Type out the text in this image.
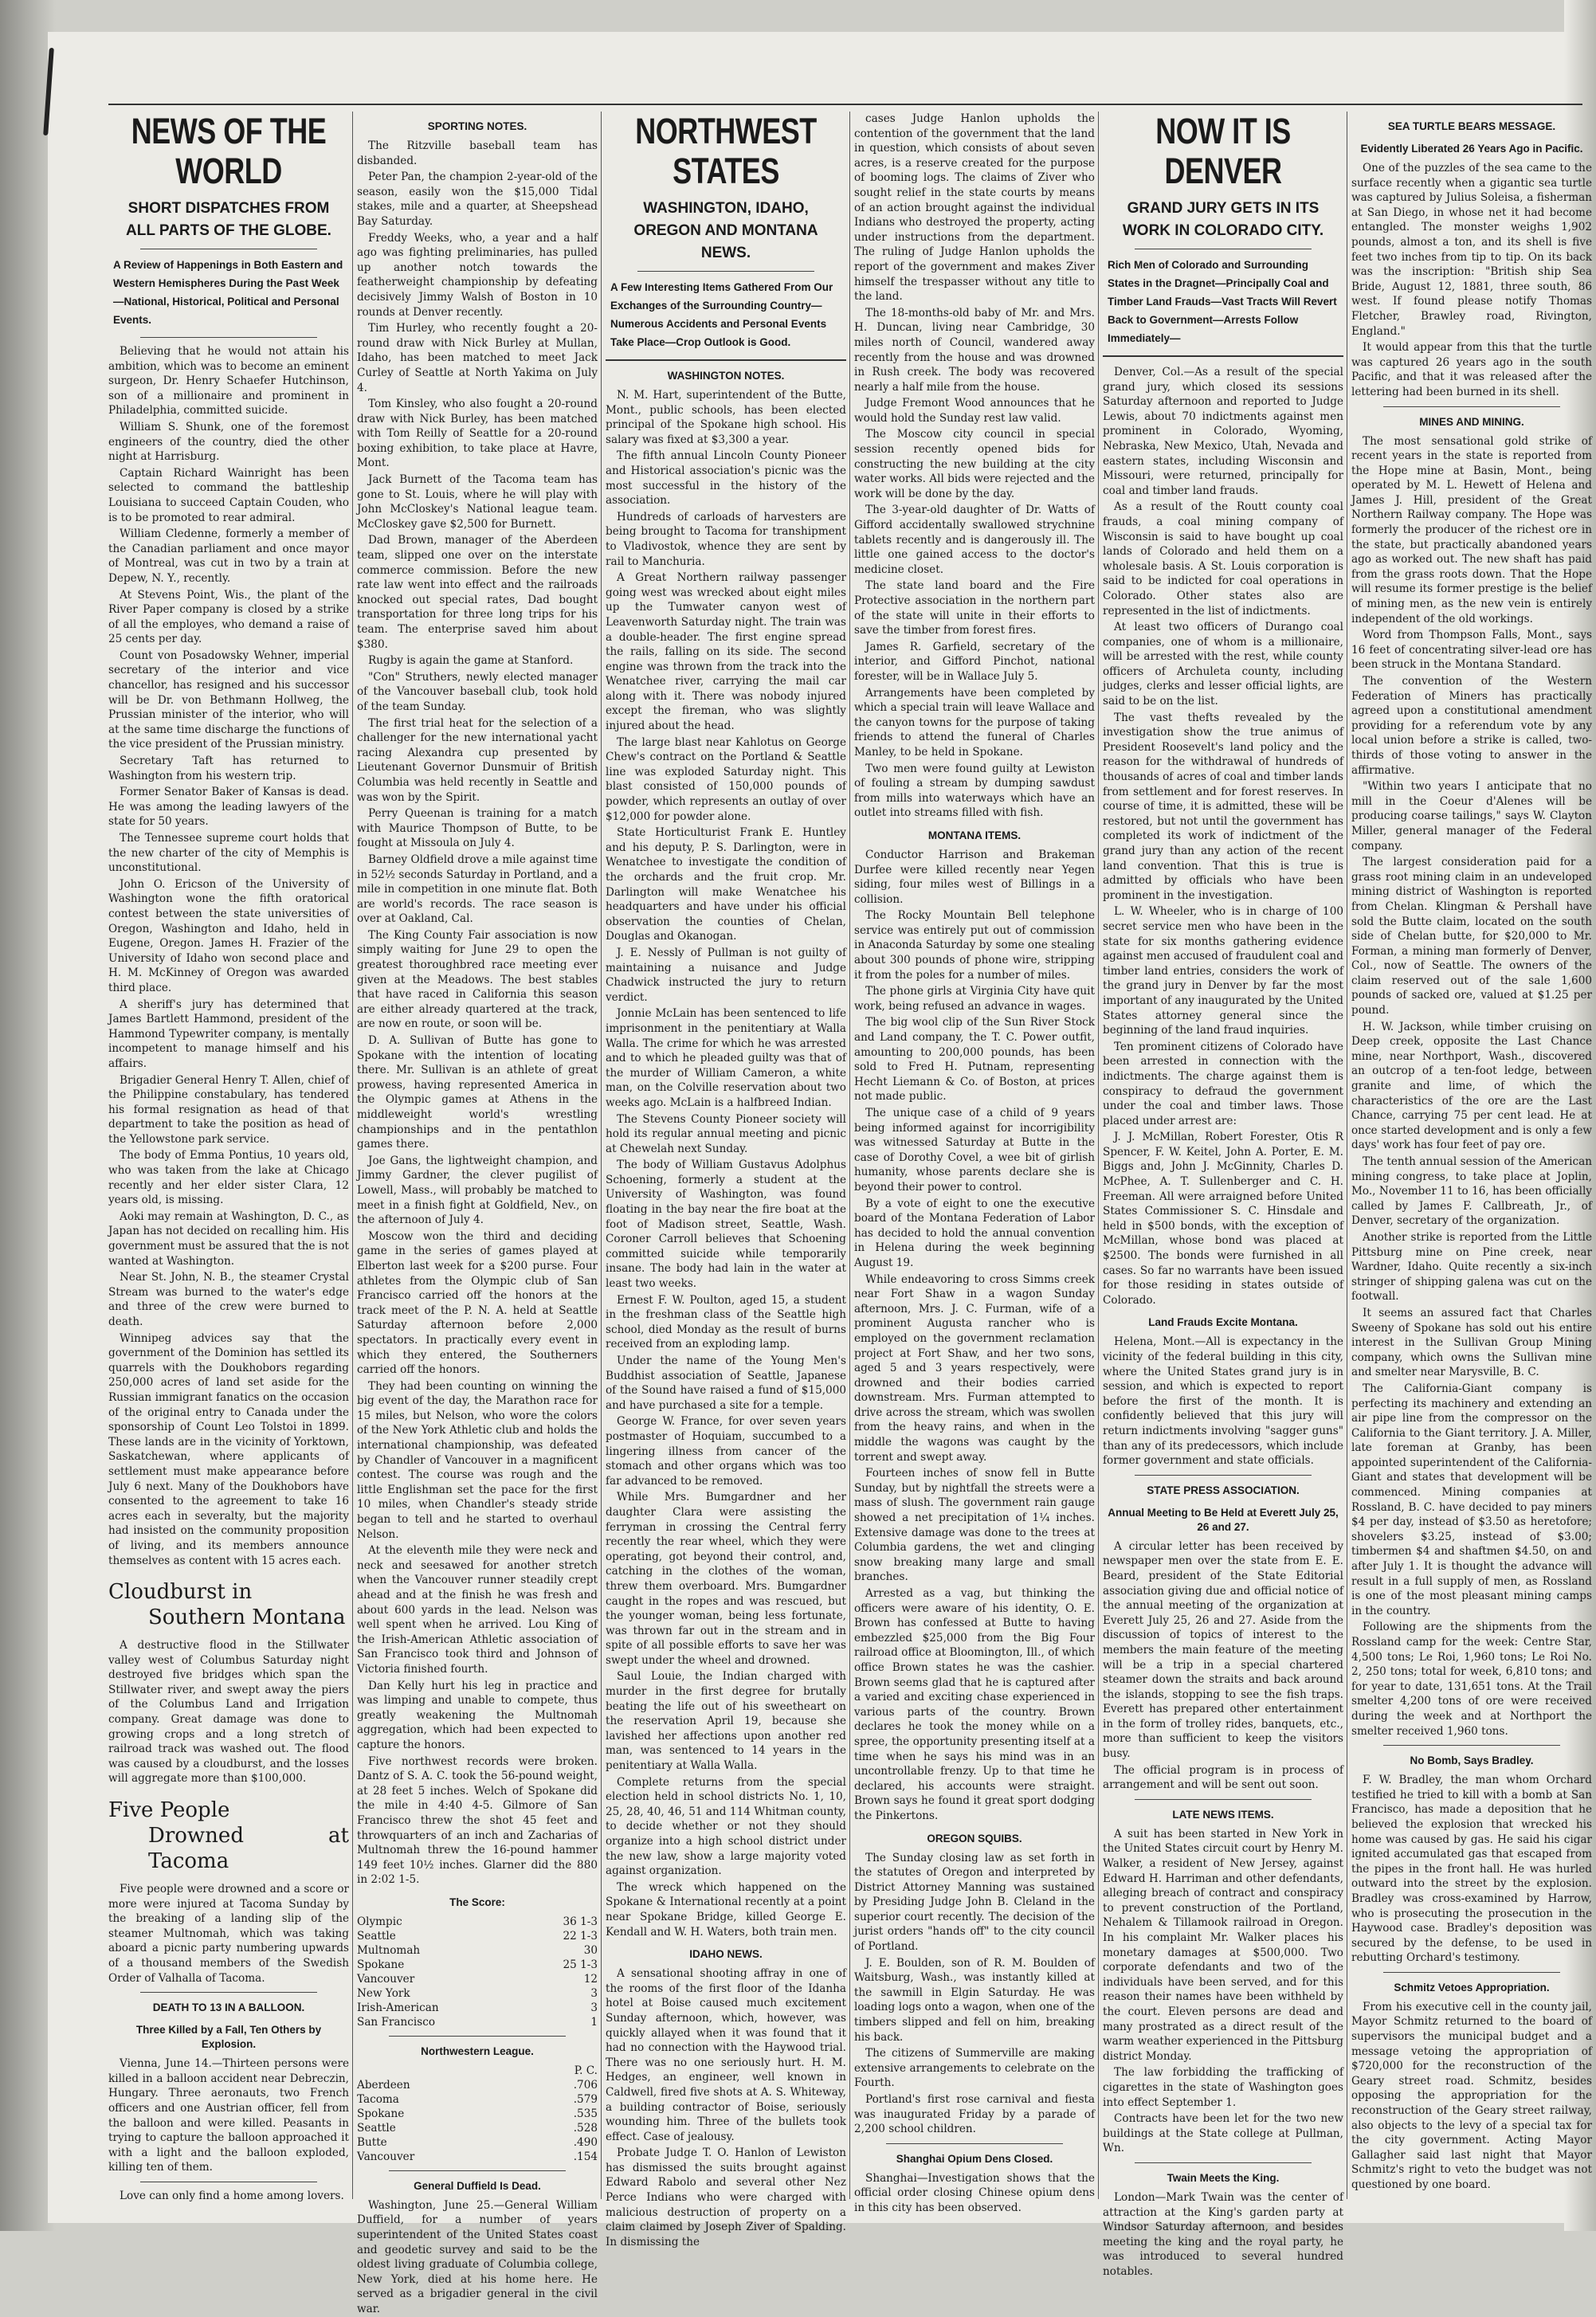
NEWS OF THE WORLD
SHORT DISPATCHES FROM ALL PARTS OF THE GLOBE.
A Review of Happenings in Both Eastern and Western Hemispheres During the Past Week—National, Historical, Political and Personal Events.

Believing that he would not attain his ambition, which was to become an eminent surgeon, Dr. Henry Schaefer Hutchinson, son of a millionaire and prominent in Philadelphia, committed suicide.

William S. Shunk, one of the foremost engineers of the country, died the other night at Harrisburg.

Captain Richard Wainright has been selected to command the battleship Louisiana to succeed Captain Couden, who is to be promoted to rear admiral.

William Cledenne, formerly a member of the Canadian parliament and once mayor of Montreal, was cut in two by a train at Depew, N. Y., recently.

At Stevens Point, Wis., the plant of the River Paper company is closed by a strike of all the employes, who demand a raise of 25 cents per day.

Count von Posadowsky Wehner, imperial secretary of the interior and vice chancellor, has resigned and his successor will be Dr. von Bethmann Hollweg, the Prussian minister of the interior, who will at the same time discharge the functions of the vice president of the Prussian ministry.

Secretary Taft has returned to Washington from his western trip.

Former Senator Baker of Kansas is dead. He was among the leading lawyers of the state for 50 years.

The Tennessee supreme court holds that the new charter of the city of Memphis is unconstitutional.

John O. Ericson of the University of Washington wone the fifth oratorical contest between the state universities of Oregon, Washington and Idaho, held in Eugene, Oregon. James H. Frazier of the University of Idaho won second place and H. M. McKinney of Oregon was awarded third place.

A sheriff's jury has determined that James Bartlett Hammond, president of the Hammond Typewriter company, is mentally incompetent to manage himself and his affairs.

Brigadier General Henry T. Allen, chief of the Philippine constabulary, has tendered his formal resignation as head of that department to take the position as head of the Yellowstone park service.

The body of Emma Pontius, 10 years old, who was taken from the lake at Chicago recently and her elder sister Clara, 12 years old, is missing.

Aoki may remain at Washington, D. C., as Japan has not decided on recalling him. His government must be assured that the is not wanted at Washington.

Near St. John, N. B., the steamer Crystal Stream was burned to the water's edge and three of the crew were burned to death.

Winnipeg advices say that the government of the Dominion has settled its quarrels with the Doukhobors regarding 250,000 acres of land set aside for the Russian immigrant fanatics on the occasion of the original entry to Canada under the sponsorship of Count Leo Tolstoi in 1899. These lands are in the vicinity of Yorktown, Saskatchewan, where applicants of settlement must make appearance before July 6 next. Many of the Doukhobors have consented to the agreement to take 16 acres each in severalty, but the majority had insisted on the community proposition of living, and its members announce themselves as content with 15 acres each.

Cloudburst in
Southern Montana

A destructive flood in the Stillwater valley west of Columbus Saturday night destroyed five bridges which span the Stillwater river, and swept away the piers of the Columbus Land and Irrigation company. Great damage was done to growing crops and a long stretch of railroad track was washed out. The flood was caused by a cloudburst, and the losses will aggregate more than $100,000.

Five People
Drowned at Tacoma

Five people were drowned and a score or more were injured at Tacoma Sunday by the breaking of a landing slip of the steamer Multnomah, which was taking aboard a picnic party numbering upwards of a thousand members of the Swedish Order of Valhalla of Tacoma.

DEATH TO 13 IN A BALLOON.
Three Killed by a Fall, Ten Others by Explosion.

Vienna, June 14.—Thirteen persons were killed in a balloon accident near Debreczin, Hungary. Three aeronauts, two French officers and one Austrian officer, fell from the balloon and were killed. Peasants in trying to capture the balloon approached it with a light and the balloon exploded, killing ten of them.

Love can only find a home among lovers.

SPORTING NOTES.

The Ritzville baseball team has disbanded.

Peter Pan, the champion 2-year-old of the season, easily won the $15,000 Tidal stakes, mile and a quarter, at Sheepshead Bay Saturday.

Freddy Weeks, who, a year and a half ago was fighting preliminaries, has pulled up another notch towards the featherweight championship by defeating decisively Jimmy Walsh of Boston in 10 rounds at Denver recently.

Tim Hurley, who recently fought a 20-round draw with Nick Burley at Mullan, Idaho, has been matched to meet Jack Curley of Seattle at North Yakima on July 4.

Tom Kinsley, who also fought a 20-round draw with Nick Burley, has been matched with Tom Reilly of Seattle for a 20-round boxing exhibition, to take place at Havre, Mont.

Jack Burnett of the Tacoma team has gone to St. Louis, where he will play with John McCloskey's National league team. McCloskey gave $2,500 for Burnett.

Dad Brown, manager of the Aberdeen team, slipped one over on the interstate commerce commission. Before the new rate law went into effect and the railroads knocked out special rates, Dad bought transportation for three long trips for his team. The enterprise saved him about $380.

Rugby is again the game at Stanford.

"Con" Struthers, newly elected manager of the Vancouver baseball club, took hold of the team Sunday.

The first trial heat for the selection of a challenger for the new international yacht racing Alexandra cup presented by Lieutenant Governor Dunsmuir of British Columbia was held recently in Seattle and was won by the Spirit.

Perry Queenan is training for a match with Maurice Thompson of Butte, to be fought at Missoula on July 4.

Barney Oldfield drove a mile against time in 52½ seconds Saturday in Portland, and a mile in competition in one minute flat. Both are world's records. The race season is over at Oakland, Cal.

The King County Fair association is now simply waiting for June 29 to open the greatest thoroughbred race meeting ever given at the Meadows. The best stables that have raced in California this season are either already quartered at the track, are now en route, or soon will be.

D. A. Sullivan of Butte has gone to Spokane with the intention of locating there. Mr. Sullivan is an athlete of great prowess, having represented America in the Olympic games at Athens in the middleweight world's wrestling championships and in the pentathlon games there.

Joe Gans, the lightweight champion, and Jimmy Gardner, the clever pugilist of Lowell, Mass., will probably be matched to meet in a finish fight at Goldfield, Nev., on the afternoon of July 4.

Moscow won the third and deciding game in the series of games played at Elberton last week for a $200 purse. Four athletes from the Olympic club of San Francisco carried off the honors at the track meet of the P. N. A. held at Seattle Saturday afternoon before 2,000 spectators. In practically every event in which they entered, the Southerners carried off the honors.

They had been counting on winning the big event of the day, the Marathon race for 15 miles, but Nelson, who wore the colors of the New York Athletic club and holds the international championship, was defeated by Chandler of Vancouver in a magnificent contest. The course was rough and the little Englishman set the pace for the first 10 miles, when Chandler's steady stride began to tell and he started to overhaul Nelson.

At the eleventh mile they were neck and neck and seesawed for another stretch when the Vancouver runner steadily crept ahead and at the finish he was fresh and about 600 yards in the lead. Nelson was well spent when he arrived. Lou King of the Irish-American Athletic association of San Francisco took third and Johnson of Victoria finished fourth.

Dan Kelly hurt his leg in practice and was limping and unable to compete, thus greatly weakening the Multnomah aggregation, which had been expected to capture the honors.

Five northwest records were broken. Dantz of S. A. C. took the 56-pound weight, at 28 feet 5 inches. Welch of Spokane did the mile in 4:40 4-5. Gilmore of San Francisco threw the shot 45 feet and throwquarters of an inch and Zacharias of Multnomah threw the 16-pound hammer 149 feet 10½ inches. Glarner did the 880 in 2:02 1-5.

The Score:
Olympic	36 1-3
Seattle	22 1-3
Multnomah	30
Spokane	25 1-3
Vancouver	12
New York	3
Irish-American	3
San Francisco	1
Northwestern League.
	P. C.
Aberdeen	.706
Tacoma	.579
Spokane	.535
Seattle	.528
Butte	.490
Vancouver	.154
General Duffield Is Dead.

Washington, June 25.—General William Duffield, for a number of years superintendent of the United States coast and geodetic survey and said to be the oldest living graduate of Columbia college, New York, died at his home here. He served as a brigadier general in the civil war.

NORTHWEST STATES
WASHINGTON, IDAHO, OREGON AND MONTANA NEWS.
A Few Interesting Items Gathered From Our Exchanges of the Surrounding Country—Numerous Accidents and Personal Events Take Place—Crop Outlook is Good.
WASHINGTON NOTES.

N. M. Hart, superintendent of the Butte, Mont., public schools, has been elected principal of the Spokane high school. His salary was fixed at $3,300 a year.

The fifth annual Lincoln County Pioneer and Historical association's picnic was the most successful in the history of the association.

Hundreds of carloads of harvesters are being brought to Tacoma for transhipment to Vladivostok, whence they are sent by rail to Manchuria.

A Great Northern railway passenger going west was wrecked about eight miles up the Tumwater canyon west of Leavenworth Saturday night. The train was a double-header. The first engine spread the rails, falling on its side. The second engine was thrown from the track into the Wenatchee river, carrying the mail car along with it. There was nobody injured except the fireman, who was slightly injured about the head.

The large blast near Kahlotus on George Chew's contract on the Portland & Seattle line was exploded Saturday night. This blast consisted of 150,000 pounds of powder, which represents an outlay of over $12,000 for powder alone.

State Horticulturist Frank E. Huntley and his deputy, P. S. Darlington, were in Wenatchee to investigate the condition of the orchards and the fruit crop. Mr. Darlington will make Wenatchee his headquarters and have under his official observation the counties of Chelan, Douglas and Okanogan.

J. E. Nessly of Pullman is not guilty of maintaining a nuisance and Judge Chadwick instructed the jury to return verdict.

Jonnie McLain has been sentenced to life imprisonment in the penitentiary at Walla Walla. The crime for which he was arrested and to which he pleaded guilty was that of the murder of William Cameron, a white man, on the Colville reservation about two weeks ago. McLain is a halfbreed Indian.

The Stevens County Pioneer society will hold its regular annual meeting and picnic at Chewelah next Sunday.

The body of William Gustavus Adolphus Schoening, formerly a student at the University of Washington, was found floating in the bay near the fire boat at the foot of Madison street, Seattle, Wash. Coroner Carroll believes that Schoening committed suicide while temporarily insane. The body had lain in the water at least two weeks.

Ernest F. W. Poulton, aged 15, a student in the freshman class of the Seattle high school, died Monday as the result of burns received from an exploding lamp.

Under the name of the Young Men's Buddhist association of Seattle, Japanese of the Sound have raised a fund of $15,000 and have purchased a site for a temple.

George W. France, for over seven years postmaster of Hoquiam, succumbed to a lingering illness from cancer of the stomach and other organs which was too far advanced to be removed.

While Mrs. Bumgardner and her daughter Clara were assisting the ferryman in crossing the Central ferry recently the rear wheel, which they were operating, got beyond their control, and, catching in the clothes of the woman, threw them overboard. Mrs. Bumgardner caught in the ropes and was rescued, but the younger woman, being less fortunate, was thrown far out in the stream and in spite of all possible efforts to save her was swept under the wheel and drowned.

Saul Louie, the Indian charged with murder in the first degree for brutally beating the life out of his sweetheart on the reservation April 19, because she lavished her affections upon another red man, was sentenced to 14 years in the penitentiary at Walla Walla.

Complete returns from the special election held in school districts No. 1, 10, 25, 28, 40, 46, 51 and 114 Whitman county, to decide whether or not they should organize into a high school district under the new law, show a large majority voted against organization.

The wreck which happened on the Spokane & International recently at a point near Spokane Bridge, killed George E. Kendall and W. H. Waters, both train men.

IDAHO NEWS.

A sensational shooting affray in one of the rooms of the first floor of the Idanha hotel at Boise caused much excitement Sunday afternoon, which, however, was quickly allayed when it was found that it had no connection with the Haywood trial. There was no one seriously hurt. H. M. Hedges, an engineer, well known in Caldwell, fired five shots at A. S. Whiteway, a building contractor of Boise, seriously wounding him. Three of the bullets took effect. Case of jealousy.

Probate Judge T. O. Hanlon of Lewiston has dismissed the suits brought against Edward Rabolo and several other Nez Perce Indians who were charged with malicious destruction of property on a claim claimed by Joseph Ziver of Spalding. In dismissing the

cases Judge Hanlon upholds the contention of the government that the land in question, which consists of about seven acres, is a reserve created for the purpose of booming logs. The claims of Ziver who sought relief in the state courts by means of an action brought against the individual Indians who destroyed the property, acting under instructions from the department. The ruling of Judge Hanlon upholds the report of the government and makes Ziver himself the trespasser without any title to the land.

The 18-months-old baby of Mr. and Mrs. H. Duncan, living near Cambridge, 30 miles north of Council, wandered away recently from the house and was drowned in Rush creek. The body was recovered nearly a half mile from the house.

Judge Fremont Wood announces that he would hold the Sunday rest law valid.

The Moscow city council in special session recently opened bids for constructing the new building at the city water works. All bids were rejected and the work will be done by the day.

The 3-year-old daughter of Dr. Watts of Gifford accidentally swallowed strychnine tablets recently and is dangerously ill. The little one gained access to the doctor's medicine closet.

The state land board and the Fire Protective association in the northern part of the state will unite in their efforts to save the timber from forest fires.

James R. Garfield, secretary of the interior, and Gifford Pinchot, national forester, will be in Wallace July 5.

Arrangements have been completed by which a special train will leave Wallace and the canyon towns for the purpose of taking friends to attend the funeral of Charles Manley, to be held in Spokane.

Two men were found guilty at Lewiston of fouling a stream by dumping sawdust from mills into waterways which have an outlet into streams filled with fish.

MONTANA ITEMS.

Conductor Harrison and Brakeman Durfee were killed recently near Yegen siding, four miles west of Billings in a collision.

The Rocky Mountain Bell telephone service was entirely put out of commission in Anaconda Saturday by some one stealing about 300 pounds of phone wire, stripping it from the poles for a number of miles.

The phone girls at Virginia City have quit work, being refused an advance in wages.

The big wool clip of the Sun River Stock and Land company, the T. C. Power outfit, amounting to 200,000 pounds, has been sold to Fred H. Putnam, representing Hecht Liemann & Co. of Boston, at prices not made public.

The unique case of a child of 9 years being informed against for incorrigibility was witnessed Saturday at Butte in the case of Dorothy Covel, a wee bit of girlish humanity, whose parents declare she is beyond their power to control.

By a vote of eight to one the executive board of the Montana Federation of Labor has decided to hold the annual convention in Helena during the week beginning August 19.

While endeavoring to cross Simms creek near Fort Shaw in a wagon Sunday afternoon, Mrs. J. C. Furman, wife of a prominent Augusta rancher who is employed on the government reclamation project at Fort Shaw, and her two sons, aged 5 and 3 years respectively, were drowned and their bodies carried downstream. Mrs. Furman attempted to drive across the stream, which was swollen from the heavy rains, and when in the middle the wagons was caught by the torrent and swept away.

Fourteen inches of snow fell in Butte Sunday, but by nightfall the streets were a mass of slush. The government rain gauge showed a net precipitation of 1¼ inches. Extensive damage was done to the trees at Columbia gardens, the wet and clinging snow breaking many large and small branches.

Arrested as a vag, but thinking the officers were aware of his identity, O. E. Brown has confessed at Butte to having embezzled $25,000 from the Big Four railroad office at Bloomington, Ill., of which office Brown states he was the cashier. Brown seems glad that he is captured after a varied and exciting chase experienced in various parts of the country. Brown declares he took the money while on a spree, the opportunity presenting itself at a time when he says his mind was in an uncontrollable frenzy. Up to that time he declared, his accounts were straight. Brown says he found it great sport dodging the Pinkertons.

OREGON SQUIBS.

The Sunday closing law as set forth in the statutes of Oregon and interpreted by District Attorney Manning was sustained by Presiding Judge John B. Cleland in the superior court recently. The decision of the jurist orders "hands off" to the city council of Portland.

J. E. Boulden, son of R. M. Boulden of Waitsburg, Wash., was instantly killed at the sawmill in Elgin Saturday. He was loading logs onto a wagon, when one of the timbers slipped and fell on him, breaking his back.

The citizens of Summerville are making extensive arrangements to celebrate on the Fourth.

Portland's first rose carnival and fiesta was inaugurated Friday by a parade of 2,200 school children.

Shanghai Opium Dens Closed.

Shanghai—Investigation shows that the official order closing Chinese opium dens in this city has been observed.

NOW IT IS DENVER
GRAND JURY GETS IN ITS WORK IN COLORADO CITY.
Rich Men of Colorado and Surrounding States in the Dragnet—Principally Coal and Timber Land Frauds—Vast Tracts Will Revert Back to Government—Arrests Follow Immediately—

Denver, Col.—As a result of the special grand jury, which closed its sessions Saturday afternoon and reported to Judge Lewis, about 70 indictments against men prominent in Colorado, Wyoming, Nebraska, New Mexico, Utah, Nevada and eastern states, including Wisconsin and Missouri, were returned, principally for coal and timber land frauds.

As a result of the Routt county coal frauds, a coal mining company of Wisconsin is said to have bought up coal lands of Colorado and held them on a wholesale basis. A St. Louis corporation is said to be indicted for coal operations in Colorado. Other states also are represented in the list of indictments.

At least two officers of Durango coal companies, one of whom is a millionaire, will be arrested with the rest, while county officers of Archuleta county, including judges, clerks and lesser official lights, are said to be on the list.

The vast thefts revealed by the investigation show the true animus of President Roosevelt's land policy and the reason for the withdrawal of hundreds of thousands of acres of coal and timber lands from settlement and for forest reserves. In course of time, it is admitted, these will be restored, but not until the government has completed its work of indictment of the grand jury than any action of the recent land convention. That this is true is admitted by officials who have been prominent in the investigation.

L. W. Wheeler, who is in charge of 100 secret service men who have been in the state for six months gathering evidence against men accused of fraudulent coal and timber land entries, considers the work of the grand jury in Denver by far the most important of any inaugurated by the United States attorney general since the beginning of the land fraud inquiries.

Ten prominent citizens of Colorado have been arrested in connection with the indictments. The charge against them is conspiracy to defraud the government under the coal and timber laws. Those placed under arrest are:

J. J. McMillan, Robert Forester, Otis R Spencer, F. W. Keitel, John A. Porter, E. M. Biggs and, John J. McGinnity, Charles D. McPhee, A. T. Sullenberger and C. H. Freeman. All were arraigned before United States Commissioner S. C. Hinsdale and held in $500 bonds, with the exception of McMillan, whose bond was placed at $2500. The bonds were furnished in all cases. So far no warrants have been issued for those residing in states outside of Colorado.

Land Frauds Excite Montana.

Helena, Mont.—All is expectancy in the vicinity of the federal building in this city, where the United States grand jury is in session, and which is expected to report before the first of the month. It is confidently believed that this jury will return indictments involving "sagger guns" than any of its predecessors, which include former government and state officials.

STATE PRESS ASSOCIATION.
Annual Meeting to Be Held at Everett July 25, 26 and 27.

A circular letter has been received by newspaper men over the state from E. E. Beard, president of the State Editorial association giving due and official notice of the annual meeting of the organization at Everett July 25, 26 and 27. Aside from the discussion of topics of interest to the members the main feature of the meeting will be a trip in a special chartered steamer down the straits and back around the islands, stopping to see the fish traps. Everett has prepared other entertainment in the form of trolley rides, banquets, etc., more than sufficient to keep the visitors busy.

The official program is in process of arrangement and will be sent out soon.

LATE NEWS ITEMS.

A suit has been started in New York in the United States circuit court by Henry M. Walker, a resident of New Jersey, against Edward H. Harriman and other defendants, alleging breach of contract and conspiracy to prevent construction of the Portland, Nehalem & Tillamook railroad in Oregon. In his complaint Mr. Walker places his monetary damages at $500,000. Two corporate defendants and two of the individuals have been served, and for this reason their names have been withheld by the court. Eleven persons are dead and many prostrated as a direct result of the warm weather experienced in the Pittsburg district Monday.

The law forbidding the trafficking of cigarettes in the state of Washington goes into effect September 1.

Contracts have been let for the two new buildings at the State college at Pullman, Wn.

Twain Meets the King.

London—Mark Twain was the center of attraction at the King's garden party at Windsor Saturday afternoon, and besides meeting the king and the royal party, he was introduced to several hundred notables.

SEA TURTLE BEARS MESSAGE.
Evidently Liberated 26 Years Ago in Pacific.

One of the puzzles of the sea came to the surface recently when a gigantic sea turtle was captured by Julius Soleisa, a fisherman at San Diego, in whose net it had become entangled. The monster weighs 1,902 pounds, almost a ton, and its shell is five feet two inches from tip to tip. On its back was the inscription: "British ship Sea Bride, August 12, 1881, three south, 86 west. If found please notify Thomas Fletcher, Brawley road, Rivington, England."

It would appear from this that the turtle was captured 26 years ago in the south Pacific, and that it was released after the lettering had been burned in its shell.

MINES AND MINING.

The most sensational gold strike of recent years in the state is reported from the Hope mine at Basin, Mont., being operated by M. L. Hewett of Helena and James J. Hill, president of the Great Northern Railway company. The Hope was formerly the producer of the richest ore in the state, but practically abandoned years ago as worked out. The new shaft has paid from the grass roots down. That the Hope will resume its former prestige is the belief of mining men, as the new vein is entirely independent of the old workings.

Word from Thompson Falls, Mont., says 16 feet of concentrating silver-lead ore has been struck in the Montana Standard.

The convention of the Western Federation of Miners has practically agreed upon a constitutional amendment providing for a referendum vote by any local union before a strike is called, two-thirds of those voting to answer in the affirmative.

"Within two years I anticipate that no mill in the Coeur d'Alenes will be producing coarse tailings," says W. Clayton Miller, general manager of the Federal company.

The largest consideration paid for a grass root mining claim in an undeveloped mining district of Washington is reported from Chelan. Klingman & Pershall have sold the Butte claim, located on the south side of Chelan butte, for $20,000 to Mr. Forman, a mining man formerly of Denver, Col., now of Seattle. The owners of the claim reserved out of the sale 1,600 pounds of sacked ore, valued at $1.25 per pound.

H. W. Jackson, while timber cruising on Deep creek, opposite the Last Chance mine, near Northport, Wash., discovered an outcrop of a ten-foot ledge, between granite and lime, of which the characteristics of the ore are the Last Chance, carrying 75 per cent lead. He at once started development and is only a few days' work has four feet of pay ore.

The tenth annual session of the American mining congress, to take place at Joplin, Mo., November 11 to 16, has been officially called by James F. Callbreath, Jr., of Denver, secretary of the organization.

Another strike is reported from the Little Pittsburg mine on Pine creek, near Wardner, Idaho. Quite recently a six-inch stringer of shipping galena was cut on the footwall.

It seems an assured fact that Charles Sweeny of Spokane has sold out his entire interest in the Sullivan Group Mining company, which owns the Sullivan mine and smelter near Marysville, B. C.

The California-Giant company is perfecting its machinery and extending an air pipe line from the compressor on the California to the Giant territory. J. A. Miller, late foreman at Granby, has been appointed superintendent of the California-Giant and states that development will be commenced. Mining companies at Rossland, B. C. have decided to pay miners $4 per day, instead of $3.50 as heretofore; shovelers $3.25, instead of $3.00; timbermen $4 and shaftmen $4.50, on and after July 1. It is thought the advance will result in a full supply of men, as Rossland is one of the most pleasant mining camps in the country.

Following are the shipments from the Rossland camp for the week: Centre Star, 4,500 tons; Le Roi, 1,960 tons; Le Roi No. 2, 250 tons; total for week, 6,810 tons; and for year to date, 131,651 tons. At the Trail smelter 4,200 tons of ore were received during the week and at Northport the smelter received 1,960 tons.

No Bomb, Says Bradley.

F. W. Bradley, the man whom Orchard testified he tried to kill with a bomb at San Francisco, has made a deposition that he believed the explosion that wrecked his home was caused by gas. He said his cigar ignited accumulated gas that escaped from the pipes in the front hall. He was hurled outward into the street by the explosion. Bradley was cross-examined by Harrow, who is prosecuting the prosecution in the Haywood case. Bradley's deposition was secured by the defense, to be used in rebutting Orchard's testimony.

Schmitz Vetoes Appropriation.

From his executive cell in the county jail, Mayor Schmitz returned to the board of supervisors the municipal budget and a message vetoing the appropriation of $720,000 for the reconstruction of the Geary street road. Schmitz, besides opposing the appropriation for the reconstruction of the Geary street railway, also objects to the levy of a special tax for the city government. Acting Mayor Gallagher said last night that Mayor Schmitz's right to veto the budget was not questioned by one board.
